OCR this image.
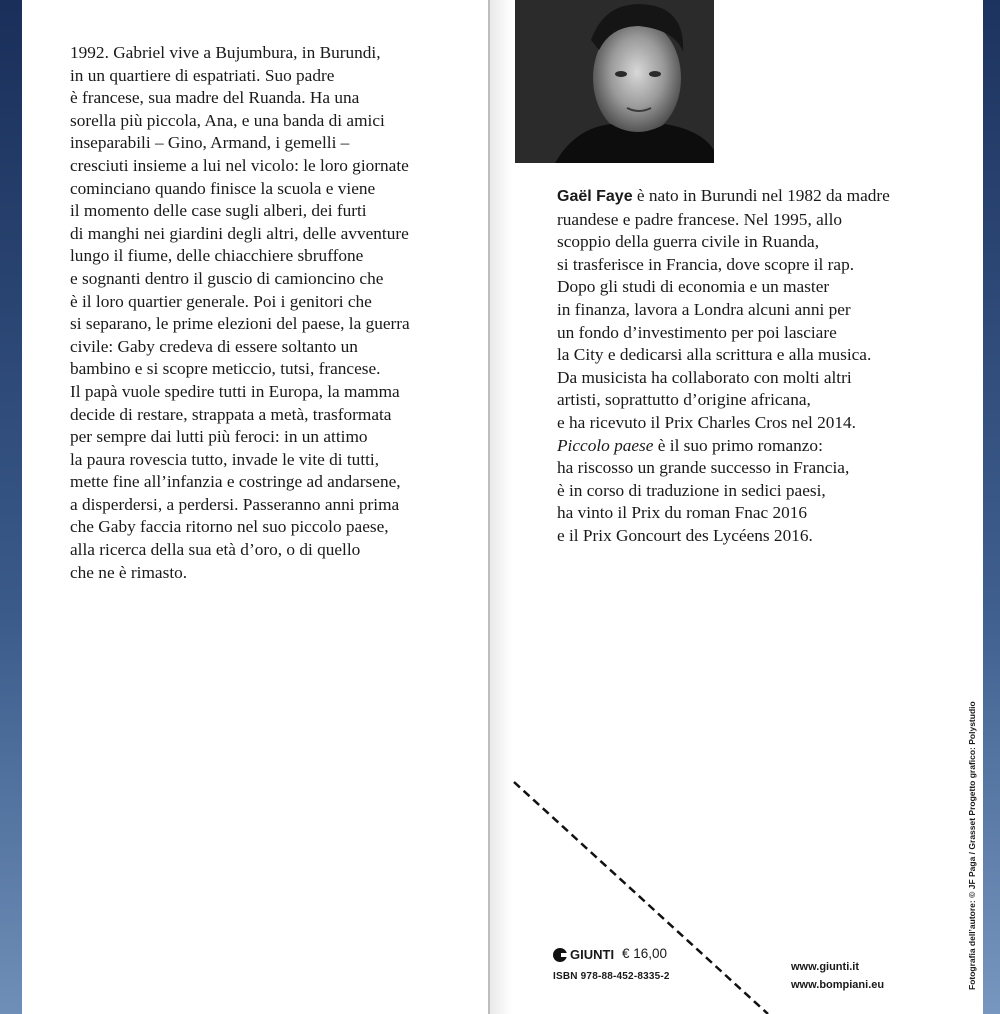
1992. Gabriel vive a Bujumbura, in Burundi,
in un quartiere di espatriati. Suo padre
è francese, sua madre del Ruanda. Ha una
sorella più piccola, Ana, e una banda di amici
inseparabili – Gino, Armand, i gemelli –
cresciuti insieme a lui nel vicolo: le loro giornate
cominciano quando finisce la scuola e viene
il momento delle case sugli alberi, dei furti
di manghi nei giardini degli altri, delle avventure
lungo il fiume, delle chiacchiere sbruffone
e sognanti dentro il guscio di camioncino che
è il loro quartier generale. Poi i genitori che
si separano, le prime elezioni del paese, la guerra
civile: Gaby credeva di essere soltanto un
bambino e si scopre meticcio, tutsi, francese.
Il papà vuole spedire tutti in Europa, la mamma
decide di restare, strappata a metà, trasformata
per sempre dai lutti più feroci: in un attimo
la paura rovescia tutto, invade le vite di tutti,
mette fine all’infanzia e costringe ad andarsene,
a disperdersi, a perdersi. Passeranno anni prima
che Gaby faccia ritorno nel suo piccolo paese,
alla ricerca della sua età d’oro, o di quello
che ne è rimasto.
Gaël Faye è nato in Burundi nel 1982 da madre
ruandese e padre francese. Nel 1995, allo
scoppio della guerra civile in Ruanda,
si trasferisce in Francia, dove scopre il rap.
Dopo gli studi di economia e un master
in finanza, lavora a Londra alcuni anni per
un fondo d’investimento per poi lasciare
la City e dedicarsi alla scrittura e alla musica.
Da musicista ha collaborato con molti altri
artisti, soprattutto d’origine africana,
e ha ricevuto il Prix Charles Cros nel 2014.
Piccolo paese è il suo primo romanzo:
ha riscosso un grande successo in Francia,
è in corso di traduzione in sedici paesi,
ha vinto il Prix du roman Fnac 2016
e il Prix Goncourt des Lycéens 2016.
GIUNTI € 16,00
ISBN 978-88-452-8335-2
www.giunti.it
www.bompiani.eu	Fotografia dell’autore: © JF Paga / Grasset Progetto grafico: Polystudio
